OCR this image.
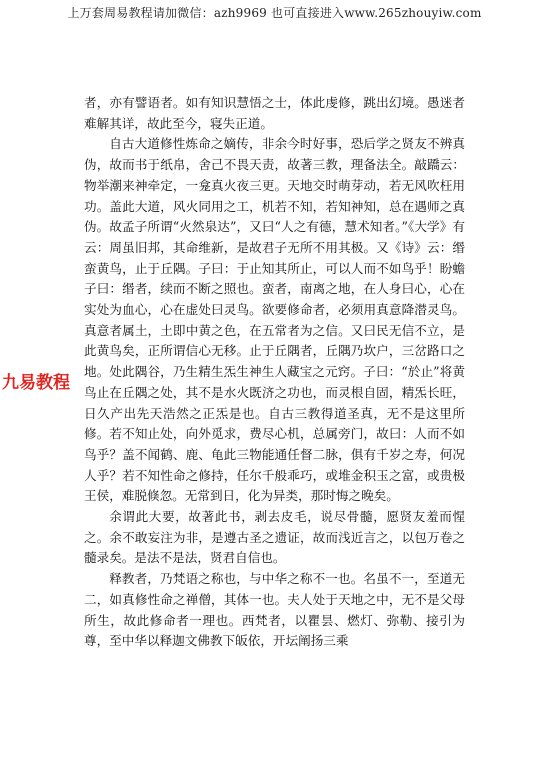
上万套周易教程请加微信：azh9969 也可直接进入www.265zhouyiw.com
九易教程

者，亦有譬语者。如有知识慧悟之士，体此虔修，跳出幻境。愚迷者难解其详，故此至今，寝失正道。

自古大道修性炼命之嫡传，非余今时好事，恐后学之贤友不辨真伪，故而书于纸帛，舍己不畏天责，故著三教，理备法全。敲蹻云：物举潮来神牵定，一龛真火夜三更。天地交时萌芽动，若无风吹枉用功。盖此大道，风火同用之工，机若不知，若知神知，总在遇师之真伪。故孟子所谓“火然泉达”，又曰“人之有德，慧术知者。”《大学》有云：周虽旧邦，其命维新，是故君子无所不用其极。又《诗》云：缗蛮黄鸟，止于丘隅。子曰：于止知其所止，可以人而不如鸟乎！盼蟾子曰：缗者，续而不断之照也。蛮者，南离之地，在人身曰心，心在实处为血心，心在虚处曰灵鸟。欲要修命者，必须用真意降潜灵鸟。真意者属土，土即中黄之色，在五常者为之信。又曰民无信不立，是此黄鸟矣，正所谓信心无移。止于丘隅者，丘隅乃坎户，三岔路口之地。处此隅谷，乃生精生炁生神生人藏宝之元窍。子曰：“於止”将黄鸟止在丘隅之处，其不是水火既济之功也，而灵根自固，精炁长旺，日久产出先天浩然之正炁是也。自古三教得道圣真，无不是这里所修。若不知止处，向外觅求，费尽心机，总属旁门，故曰：人而不如鸟乎？盖不闻鹤、鹿、龟此三物能通任督二脉，俱有千岁之寿，何况人乎？若不知性命之修持，任尔千般乖巧，或堆金积玉之富，或贵极王侯，难脱倏忽。无常到日，化为异类，那时悔之晚矣。

余谓此大要，故著此书，剥去皮毛，说尽骨髓，愿贤友羞而惺之。余不敢妄注为非，是遵古圣之遗证，故而浅近言之，以包万卷之髓录矣。是法不是法，贤君自信也。

释教者，乃梵语之称也，与中华之称不一也。名虽不一，至道无二，如真修性命之禅僧，其体一也。夫人处于天地之中，无不是父母所生，故此修命者一理也。西梵者，以瞿昙、燃灯、弥勒、接引为尊，至中华以释迦文佛教下皈依，开坛阐扬三乘
